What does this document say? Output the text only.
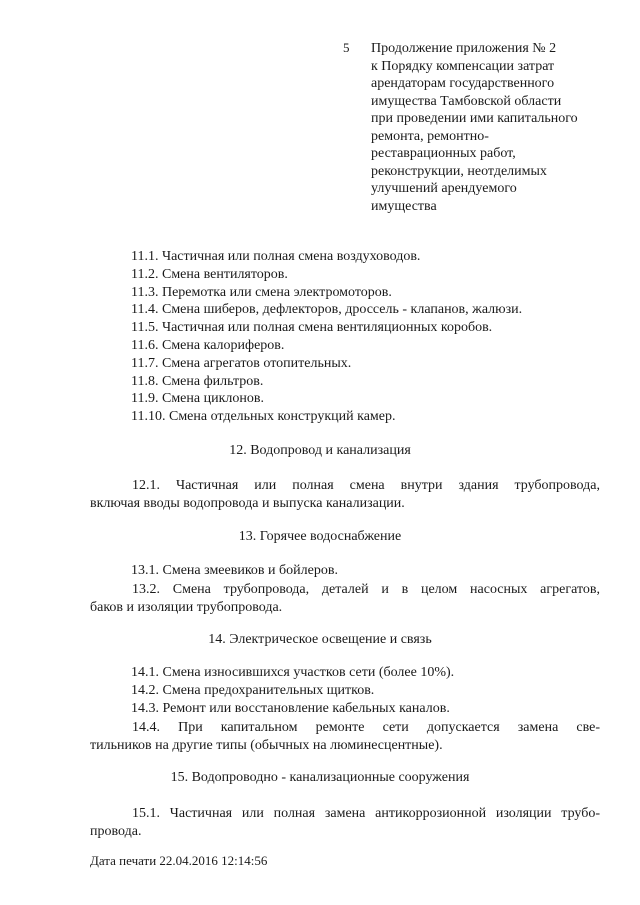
5 Продолжение приложения № 2
к Порядку компенсации затрат
арендаторам государственного
имущества Тамбовской области
при проведении ими капитального
ремонта, ремонтно-
реставрационных работ,
реконструкции, неотделимых
улучшений арендуемого
имущества
11.1. Частичная или полная смена воздуховодов.
11.2. Смена вентиляторов.
11.3. Перемотка или смена электромоторов.
11.4. Смена шиберов, дефлекторов, дроссель - клапанов, жалюзи.
11.5. Частичная или полная смена вентиляционных коробов.
11.6. Смена калориферов.
11.7. Смена агрегатов отопительных.
11.8. Смена фильтров.
11.9. Смена циклонов.
11.10. Смена отдельных конструкций камер.
12. Водопровод и канализация
12.1. Частичная или полная смена внутри здания трубопровода,
включая вводы водопровода и выпуска канализации.
13. Горячее водоснабжение
13.1. Смена змеевиков и бойлеров.
13.2. Смена трубопровода, деталей и в целом насосных агрегатов,
баков и изоляции трубопровода.
14. Электрическое освещение и связь
14.1. Смена износившихся участков сети (более 10%).
14.2. Смена предохранительных щитков.
14.3. Ремонт или восстановление кабельных каналов.
14.4. При капитальном ремонте сети допускается замена све-
тильников на другие типы (обычных на люминесцентные).
15. Водопроводно - канализационные сооружения
15.1. Частичная или полная замена антикоррозионной изоляции трубо-
провода.
Дата печати 22.04.2016 12:14:56
